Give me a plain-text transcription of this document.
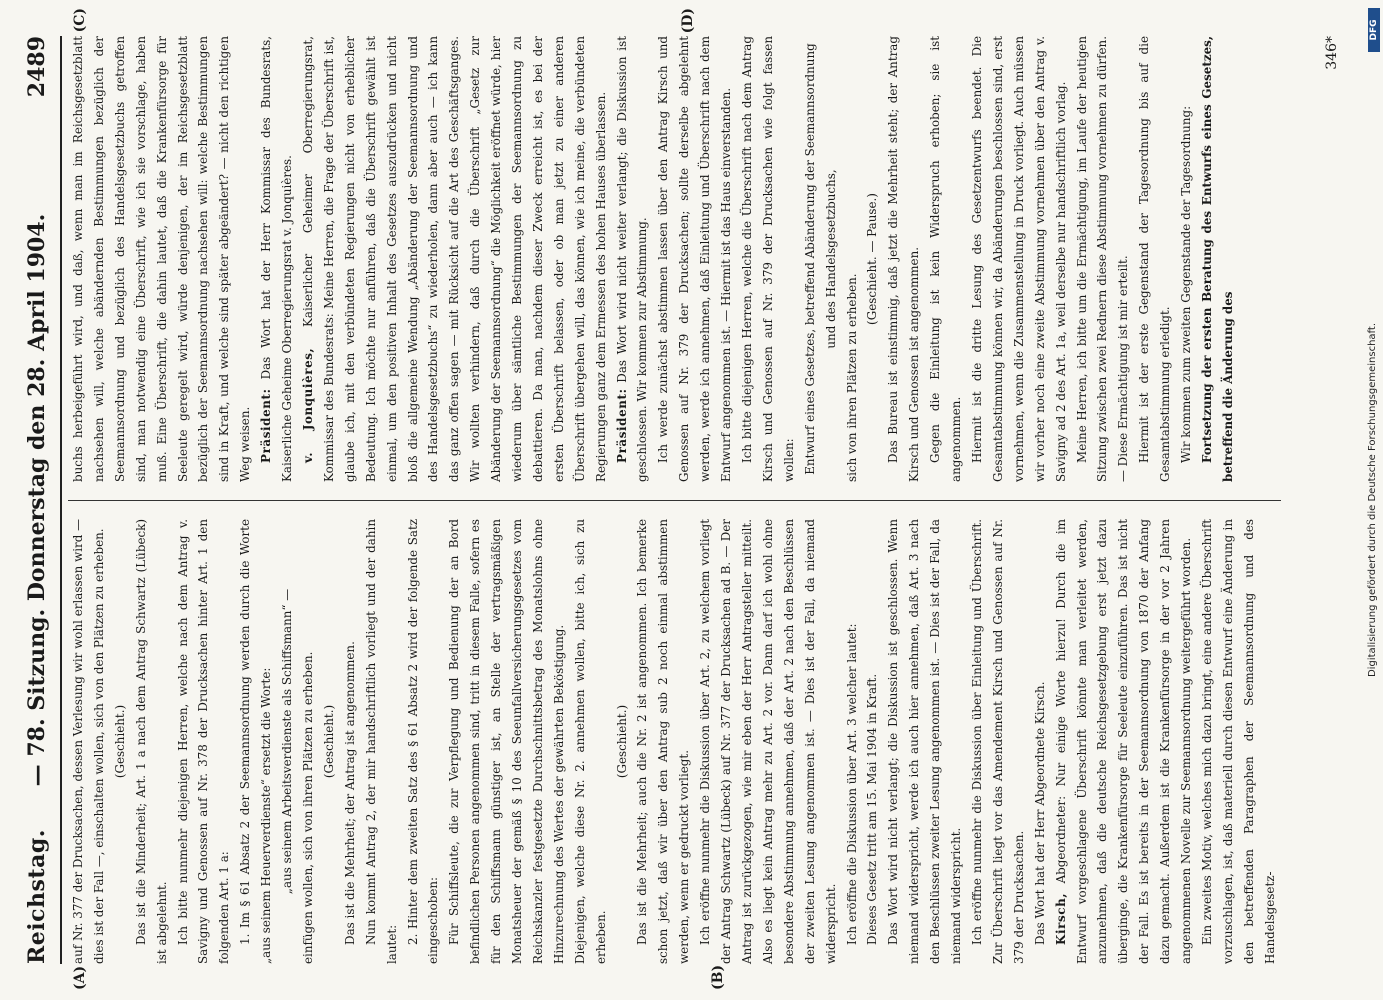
Reichstag.
— 78. Sitzung. Donnerstag den 28. April 1904.
2489
(A)	(B)

auf Nr. 377 der Drucksachen, dessen Verlesung wir wohl erlassen wird — dies ist der Fall —, einschalten wollen, sich von den Plätzen zu erheben. (Geschieht.) Das ist die Minderheit; Art. 1 a nach dem Antrag Schwartz (Lübeck) ist abgelehnt. Ich bitte nunmehr diejenigen Herren, welche nach dem Antrag v. Savigny und Genossen auf Nr. 378 der Drucksachen hinter Art. 1 den folgenden Art. 1 a: 1. Im § 61 Absatz 2 der Seemannsordnung werden durch die Worte „aus seinem Heuerverdienste“ ersetzt die Worte: „aus seinem Arbeitsverdienste als Schiffsmann“ — einfügen wollen, sich von ihren Plätzen zu erheben. (Geschieht.) Das ist die Mehrheit; der Antrag ist angenommen. Nun kommt Antrag 2, der mir handschriftlich vorliegt und der dahin lautet: 2. Hinter dem zweiten Satz des § 61 Absatz 2 wird der folgende Satz eingeschoben: Für Schiffsleute, die zur Verpflegung und Bedienung der an Bord befindlichen Personen angenommen sind, tritt in diesem Falle, sofern es für den Schiffsmann günstiger ist, an Stelle der vertragsmäßigen Monatsheuer der gemäß § 10 des Seeunfallversicherungsgesetzes vom Reichskanzler festgesetzte Durchschnittsbetrag des Monatslohns ohne Hinzurechnung des Wertes der gewährten Beköstigung. Diejenigen, welche diese Nr. 2. annehmen wollen, bitte ich, sich zu erheben.

(Geschieht.) Das ist die Mehrheit; auch die Nr. 2 ist angenommen. Ich bemerke schon jetzt, daß wir über den Antrag sub 2 noch einmal abstimmen werden, wenn er gedruckt vorliegt. Ich eröffne nunmehr die Diskussion über Art. 2, zu welchem vorliegt der Antrag Schwartz (Lübeck) auf Nr. 377 der Drucksachen ad B. — Der Antrag ist zurückgezogen, wie mir eben der Herr Antragsteller mitteilt. Also es liegt kein Antrag mehr zu Art. 2 vor. Dann darf ich wohl ohne besondere Abstimmung annehmen, daß der Art. 2 nach den Beschlüssen der zweiten Lesung angenommen ist. — Dies ist der Fall, da niemand widerspricht. Ich eröffne die Diskussion über Art. 3 welcher lautet: Dieses Gesetz tritt am 15. Mai 1904 in Kraft. Das Wort wird nicht verlangt; die Diskussion ist geschlossen. Wenn niemand widerspricht, werde ich auch hier annehmen, daß Art. 3 nach den Beschlüssen zweiter Lesung angenommen ist. — Dies ist der Fall, da niemand widerspricht. Ich eröffne nunmehr die Diskussion über Einleitung und Überschrift. Zur Überschrift liegt vor das Amendement Kirsch und Genossen auf Nr. 379 der Drucksachen. Das Wort hat der Herr Abgeordnete Kirsch. Kirsch, Abgeordneter: Nur einige Worte hierzu! Durch die im Entwurf vorgeschlagene Überschrift könnte man verleitet werden, anzunehmen, daß die deutsche Reichsgesetzgebung erst jetzt dazu überginge, die Krankenfürsorge für Seeleute einzuführen. Das ist nicht der Fall. Es ist bereits in der Seemannsordnung von 1870 der Anfang dazu gemacht. Außerdem ist die Krankenfürsorge in der vor 2 Jahren angenommenen Novelle zur Seemannsordnung weitergeführt worden. Ein zweites Motiv, welches mich dazu bringt, eine andere Überschrift vorzuschlagen, ist, daß materiell durch diesen Entwurf eine Änderung in den betreffenden Paragraphen der Seemannsordnung und des Handelsgesetz-

(C)	(D)

buchs herbeigeführt wird, und daß, wenn man im Reichsgesetzblatt nachsehen will, welche abändernden Bestimmungen bezüglich der Seemannsordnung und bezüglich des Handelsgesetzbuchs getroffen sind, man notwendig eine Überschrift, wie ich sie vorschlage, haben muß. Eine Überschrift, die dahin lautet, daß die Krankenfürsorge für Seeleute geregelt wird, würde denjenigen, der im Reichsgesetzblatt bezüglich der Seemannsordnung nachsehen will: welche Bestimmungen sind in Kraft, und welche sind später abgeändert? — nicht den richtigen Weg weisen. Präsident: Das Wort hat der Herr Kommissar des Bundesrats, Kaiserliche Geheime Oberregierungsrat v. Jonquières. v. Jonquières, Kaiserlicher Geheimer Oberregierungsrat, Kommissar des Bundesrats: Meine Herren, die Frage der Überschrift ist, glaube ich, mit den verbündeten Regierungen nicht von erheblicher Bedeutung. Ich möchte nur anführen, daß die Überschrift gewählt ist einmal, um den positiven Inhalt des Gesetzes auszudrücken und nicht bloß die allgemeine Wendung „Abänderung der Seemannsordnung und des Handelsgesetzbuchs“ zu wiederholen, dann aber auch — ich kann das ganz offen sagen — mit Rücksicht auf die Art des Geschäftsganges. Wir wollten verhindern, daß durch die Überschrift „Gesetz zur Abänderung der Seemannsordnung“ die Möglichkeit eröffnet würde, hier wiederum über sämtliche Bestimmungen der Seemannsordnung zu debattieren. Da man, nachdem dieser Zweck erreicht ist, es bei der ersten Überschrift belassen, oder ob man jetzt zu einer anderen Überschrift übergehen will, das können, wie ich meine, die verbündeten Regierungen ganz dem Ermessen des hohen Hauses überlassen. Präsident: Das Wort wird nicht weiter verlangt; die Diskussion ist geschlossen. Wir kommen zur Abstimmung. Ich werde zunächst abstimmen lassen über den Antrag Kirsch und Genossen auf Nr. 379 der Drucksachen; sollte derselbe abgelehnt werden, werde ich annehmen, daß Einleitung und Überschrift nach dem Entwurf angenommen ist. — Hiermit ist das Haus einverstanden. Ich bitte diejenigen Herren, welche die Überschrift nach dem Antrag Kirsch und Genossen auf Nr. 379 der Drucksachen wie folgt fassen wollen: Entwurf eines Gesetzes, betreffend Abänderung der Seemannsordnung und des Handelsgesetzbuchs,

sich von ihren Plätzen zu erheben.

(Geschieht. — Pause.) Das Bureau ist einstimmig, daß jetzt die Mehrheit steht; der Antrag Kirsch und Genossen ist angenommen. Gegen die Einleitung ist kein Widerspruch erhoben; sie ist angenommen. Hiermit ist die dritte Lesung des Gesetzentwurfs beendet. Die Gesamtabstimmung können wir, da Abänderungen beschlossen sind, erst vornehmen, wenn die Zusammenstellung in Druck vorliegt. Auch müssen wir vorher noch eine zweite Abstimmung vornehmen über den Antrag v. Savigny ad 2 des Art. 1a, weil derselbe nur handschriftlich vorlag. Meine Herren, ich bitte um die Ermächtigung, im Laufe der heutigen Sitzung zwischen zwei Rednern diese Abstimmung vornehmen zu dürfen. — Diese Ermächtigung ist mir erteilt. Hiermit ist der erste Gegenstand der Tagesordnung bis auf die Gesamtabstimmung erledigt. Wir kommen zum zweiten Gegenstande der Tagesordnung: Fortsetzung der ersten Beratung des Entwurfs eines Gesetzes, betreffend die Änderung des

346*
Digitalisierung gefördert durch die Deutsche Forschungsgemeinschaft.
DFG
